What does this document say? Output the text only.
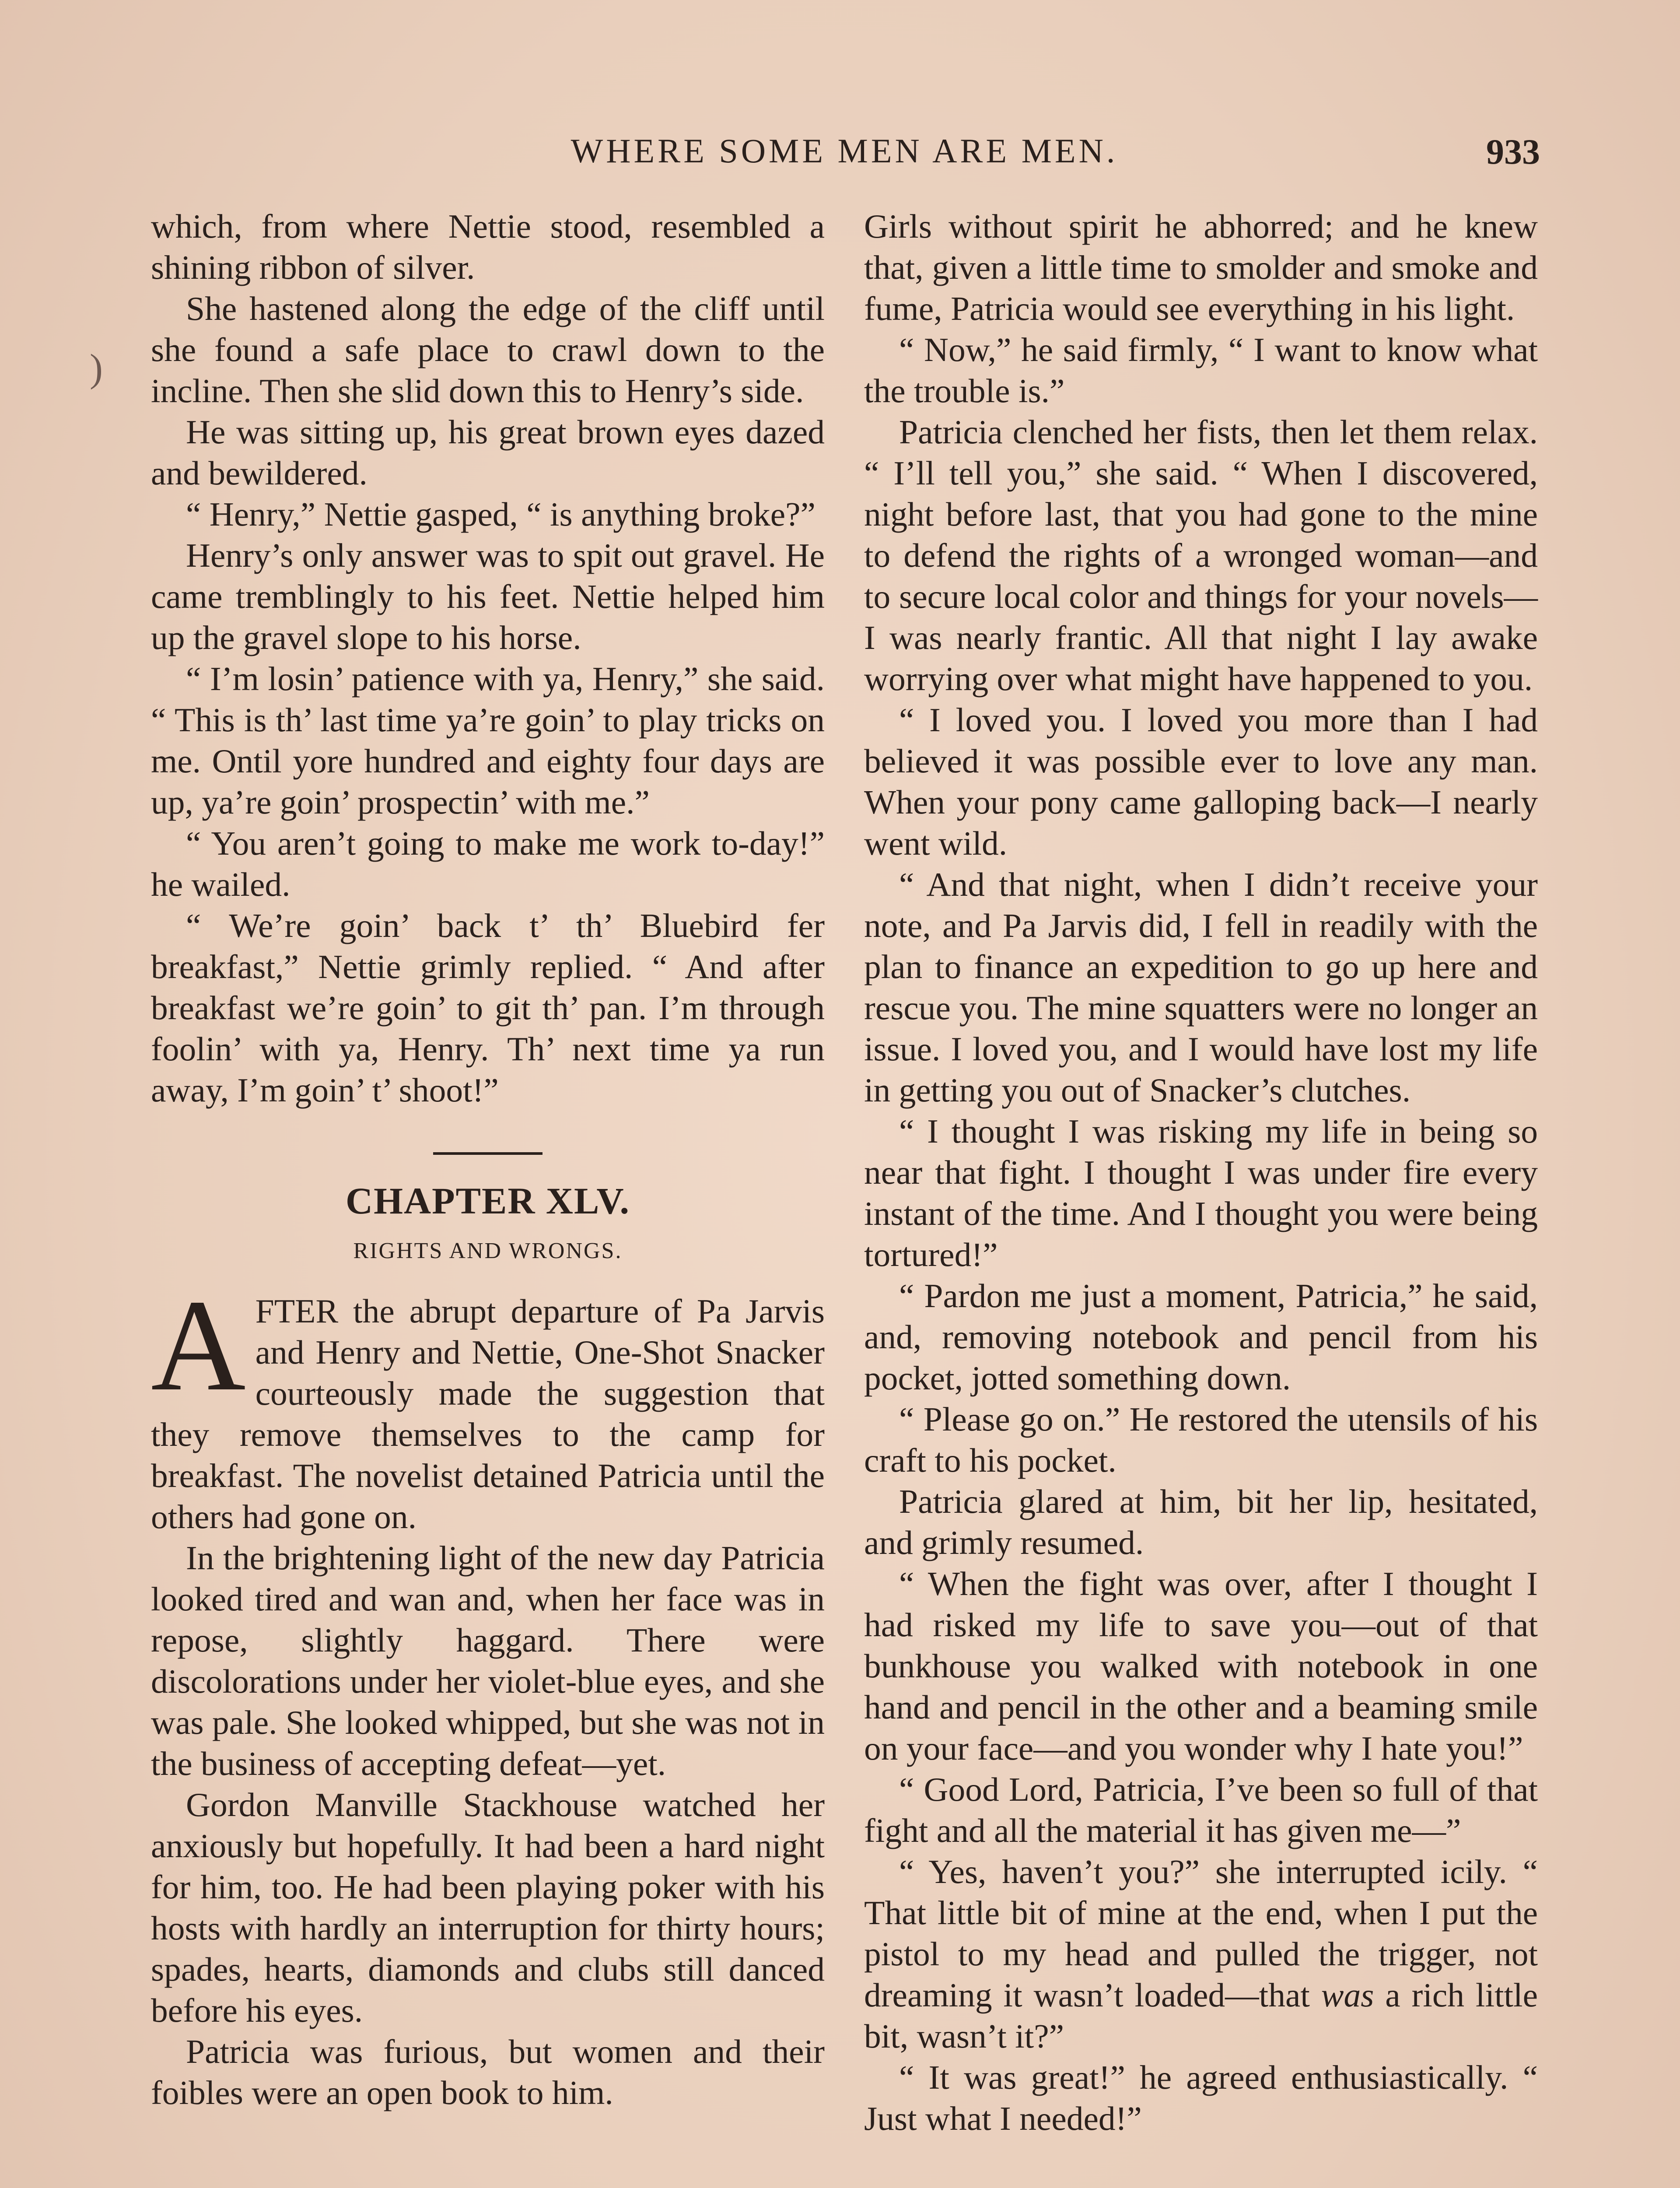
WHERE SOME MEN ARE MEN.	933
)

which, from where Nettie stood, resembled a shining ribbon of silver.

She hastened along the edge of the cliff until she found a safe place to crawl down to the incline. Then she slid down this to Henry’s side.

He was sitting up, his great brown eyes dazed and bewildered.

“ Henry,” Nettie gasped, “ is anything broke?”

Henry’s only answer was to spit out gravel. He came tremblingly to his feet. Nettie helped him up the gravel slope to his horse.

“ I’m losin’ patience with ya, Henry,” she said. “ This is th’ last time ya’re goin’ to play tricks on me. Ontil yore hundred and eighty four days are up, ya’re goin’ prospectin’ with me.”

“ You aren’t going to make me work to-day!” he wailed.

“ We’re goin’ back t’ th’ Bluebird fer breakfast,” Nettie grimly replied. “ And after breakfast we’re goin’ to git th’ pan. I’m through foolin’ with ya, Henry. Th’ next time ya run away, I’m goin’ t’ shoot!”

CHAPTER XLV.
RIGHTS AND WRONGS.

AFTER the abrupt departure of Pa Jarvis and Henry and Nettie, One-Shot Snacker courteously made the suggestion that they remove themselves to the camp for breakfast. The novelist detained Patricia until the others had gone on.

In the brightening light of the new day Patricia looked tired and wan and, when her face was in repose, slightly haggard. There were discolorations under her violet-blue eyes, and she was pale. She looked whipped, but she was not in the business of accepting defeat—yet.

Gordon Manville Stackhouse watched her anxiously but hopefully. It had been a hard night for him, too. He had been playing poker with his hosts with hardly an interruption for thirty hours; spades, hearts, diamonds and clubs still danced before his eyes.

Patricia was furious, but women and their foibles were an open book to him.

Girls without spirit he abhorred; and he knew that, given a little time to smolder and smoke and fume, Patricia would see everything in his light.

“ Now,” he said firmly, “ I want to know what the trouble is.”

Patricia clenched her fists, then let them relax. “ I’ll tell you,” she said. “ When I discovered, night before last, that you had gone to the mine to defend the rights of a wronged woman—and to secure local color and things for your novels—I was nearly frantic. All that night I lay awake worrying over what might have happened to you.

“ I loved you. I loved you more than I had believed it was possible ever to love any man. When your pony came galloping back—I nearly went wild.

“ And that night, when I didn’t receive your note, and Pa Jarvis did, I fell in readily with the plan to finance an expedition to go up here and rescue you. The mine squatters were no longer an issue. I loved you, and I would have lost my life in getting you out of Snacker’s clutches.

“ I thought I was risking my life in being so near that fight. I thought I was under fire every instant of the time. And I thought you were being tortured!”

“ Pardon me just a moment, Patricia,” he said, and, removing notebook and pencil from his pocket, jotted something down.

“ Please go on.” He restored the utensils of his craft to his pocket.

Patricia glared at him, bit her lip, hesitated, and grimly resumed.

“ When the fight was over, after I thought I had risked my life to save you—out of that bunkhouse you walked with notebook in one hand and pencil in the other and a beaming smile on your face—and you wonder why I hate you!”

“ Good Lord, Patricia, I’ve been so full of that fight and all the material it has given me—”

“ Yes, haven’t you?” she interrupted icily. “ That little bit of mine at the end, when I put the pistol to my head and pulled the trigger, not dreaming it wasn’t loaded—that was a rich little bit, wasn’t it?”

“ It was great!” he agreed enthusiastically. “ Just what I needed!”
